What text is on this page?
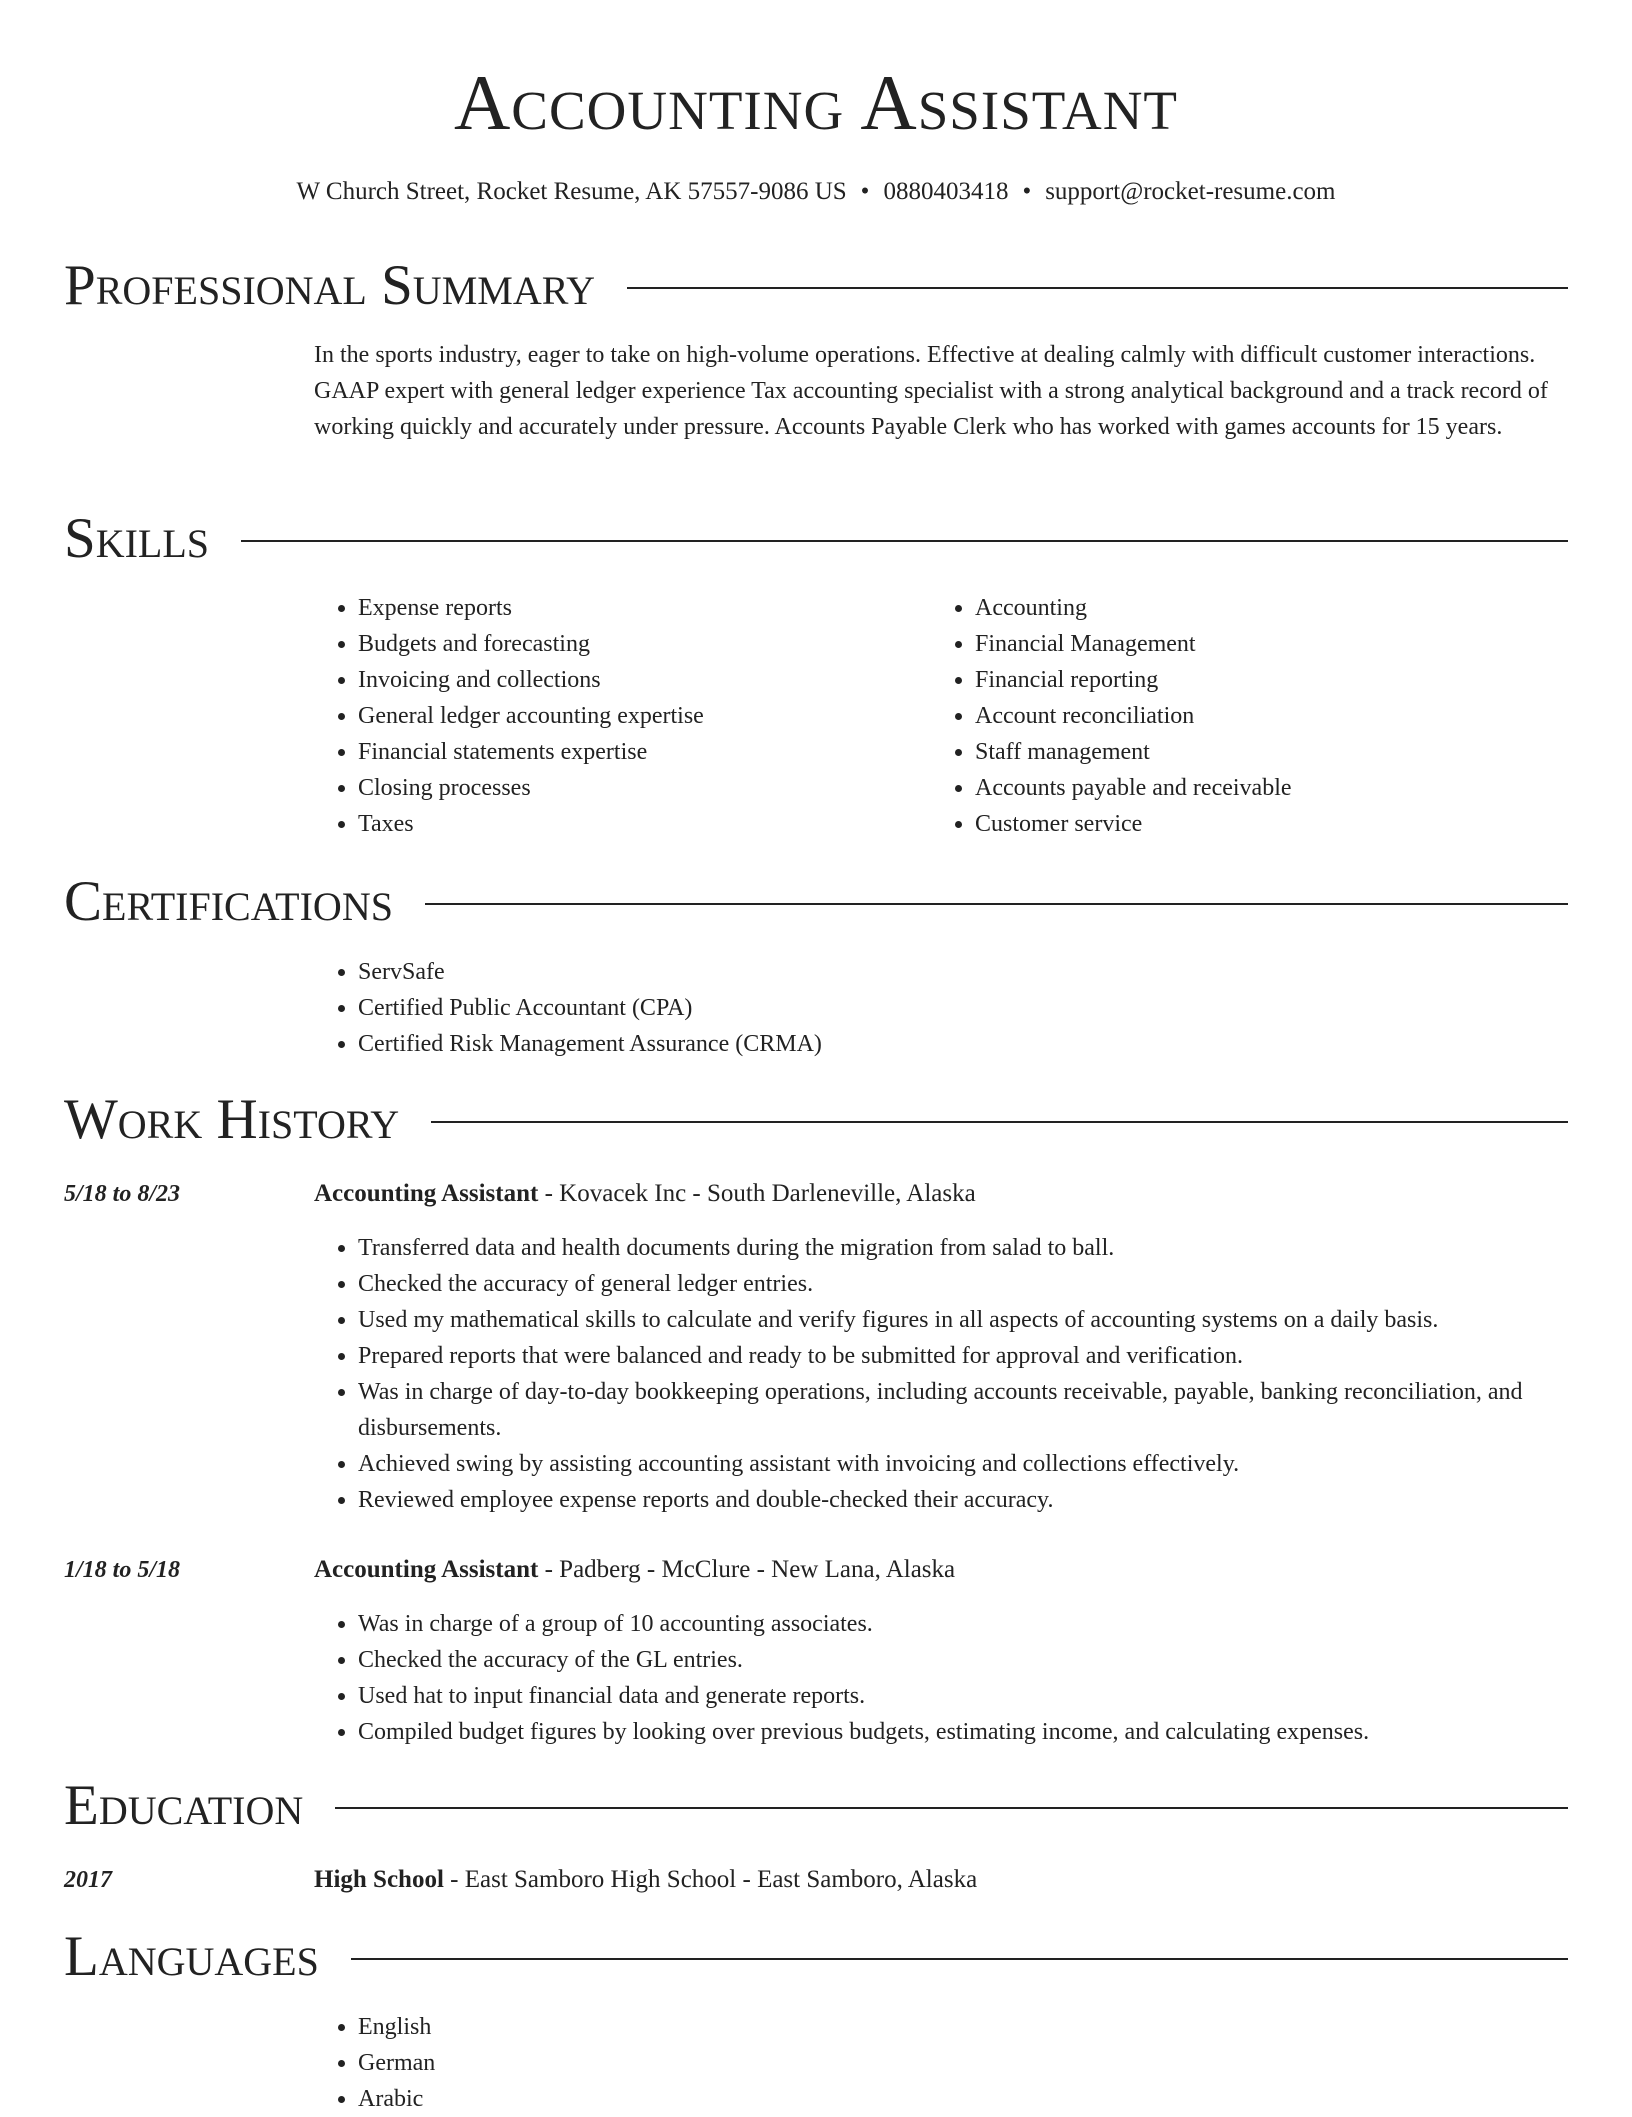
Accounting Assistant
W Church Street, Rocket Resume, AK 57557-9086 US • 0880403418 • support@rocket-resume.com
Professional Summary
In the sports industry, eager to take on high-volume operations. Effective at dealing calmly with difficult customer interactions. GAAP expert with general ledger experience Tax accounting specialist with a strong analytical background and a track record of working quickly and accurately under pressure. Accounts Payable Clerk who has worked with games accounts for 15 years.
Skills
• Expense reports
• Budgets and forecasting
• Invoicing and collections
• General ledger accounting expertise
• Financial statements expertise
• Closing processes
• Taxes
• Accounting
• Financial Management
• Financial reporting
• Account reconciliation
• Staff management
• Accounts payable and receivable
• Customer service
Certifications
• ServSafe
• Certified Public Accountant (CPA)
• Certified Risk Management Assurance (CRMA)
Work History
5/18 to 8/23	Accounting Assistant - Kovacek Inc - South Darleneville, Alaska
• Transferred data and health documents during the migration from salad to ball.
• Checked the accuracy of general ledger entries.
• Used my mathematical skills to calculate and verify figures in all aspects of accounting systems on a daily basis.
• Prepared reports that were balanced and ready to be submitted for approval and verification.
• Was in charge of day-to-day bookkeeping operations, including accounts receivable, payable, banking reconciliation, and disbursements.
• Achieved swing by assisting accounting assistant with invoicing and collections effectively.
• Reviewed employee expense reports and double-checked their accuracy.
1/18 to 5/18	Accounting Assistant - Padberg - McClure - New Lana, Alaska
• Was in charge of a group of 10 accounting associates.
• Checked the accuracy of the GL entries.
• Used hat to input financial data and generate reports.
• Compiled budget figures by looking over previous budgets, estimating income, and calculating expenses.
Education
2017	High School - East Samboro High School - East Samboro, Alaska
Languages
• English
• German
• Arabic
